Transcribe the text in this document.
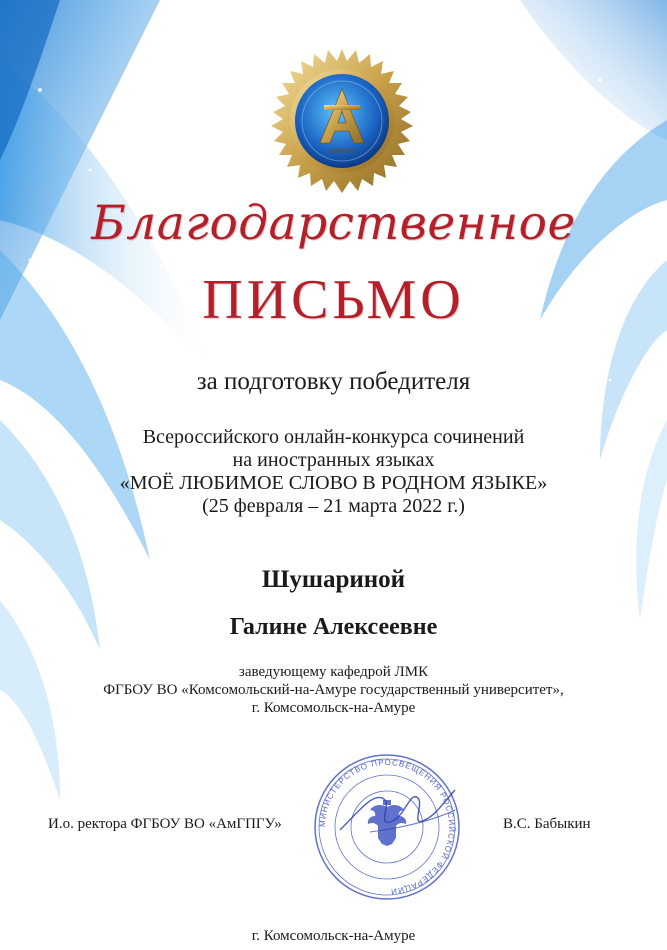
АмГПГУ
Благодарственное
ПИСЬМО
за подготовку победителя
Всероссийского онлайн-конкурса сочинений
на иностранных языках
«МОЁ ЛЮБИМОЕ СЛОВО В РОДНОМ ЯЗЫКЕ»
(25 февраля – 21 марта 2022 г.)
Шушариной
Галине Алексеевне
заведующему кафедрой ЛМК
ФГБОУ ВО «Комсомольский-на-Амуре государственный университет»,
г. Комсомольск-на-Амуре
МИНИСТЕРСТВО ПРОСВЕЩЕНИЯ РОССИЙСКОЙ ФЕДЕРАЦИИ
И.о. ректора ФГБОУ ВО «АмГПГУ»	В.С. Бабыкин
г. Комсомольск-на-Амуре
